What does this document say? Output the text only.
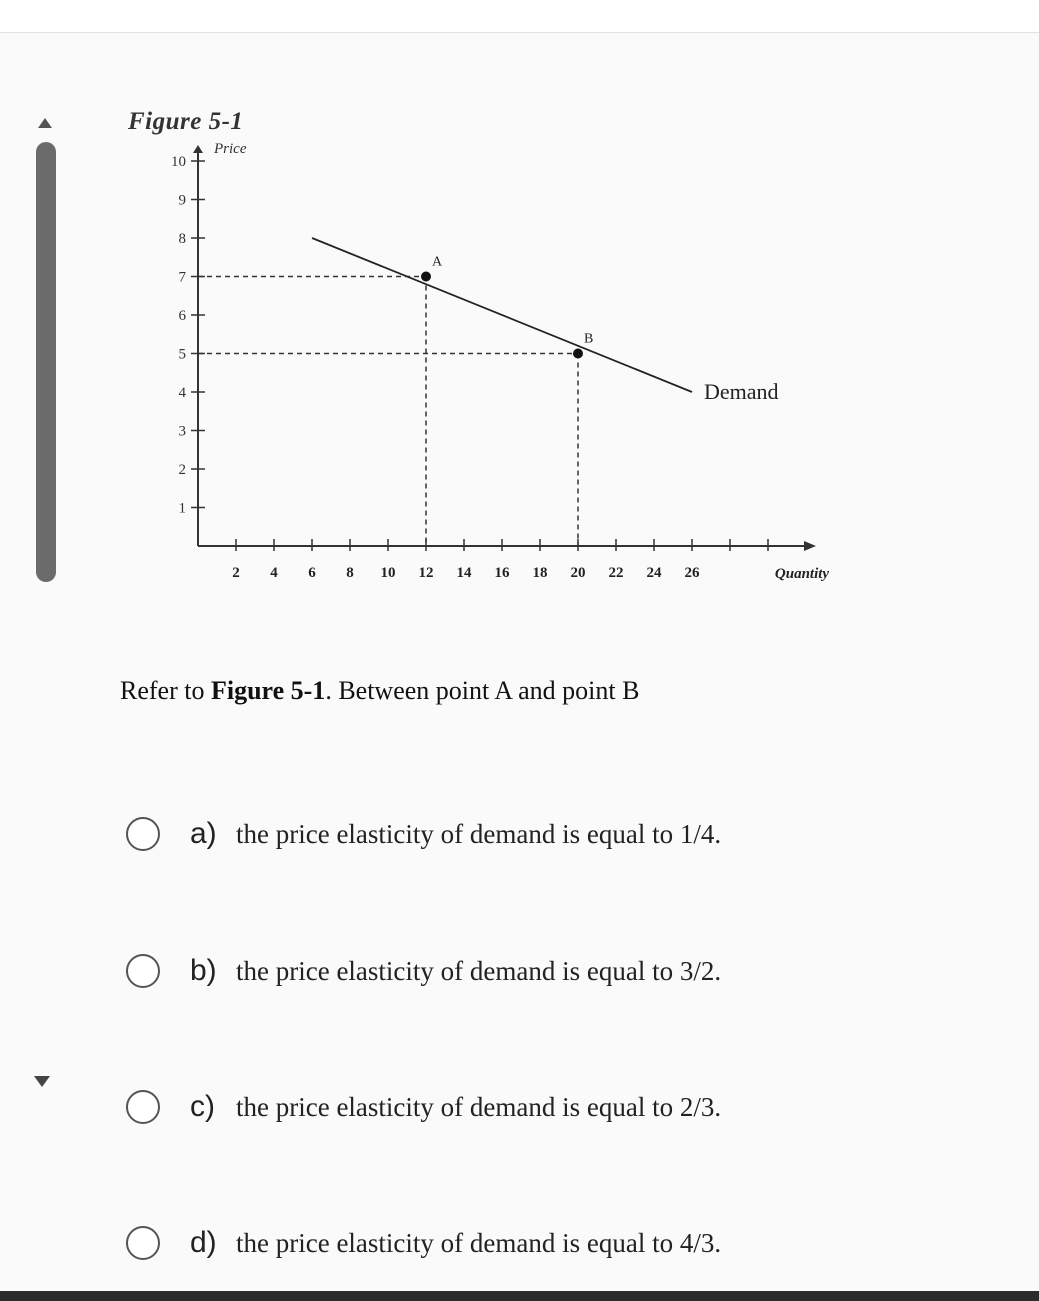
Figure 5-1
1
2
3
4
5
6
7
8
9
10
2 4 6 8 10 12 14 16 18 20 22 24 26
Price
Quantity
Demand
A
B
Refer to Figure 5-1. Between point A and point B
a) the price elasticity of demand is equal to 1/4.
b) the price elasticity of demand is equal to 3/2.
c) the price elasticity of demand is equal to 2/3.
d) the price elasticity of demand is equal to 4/3.
